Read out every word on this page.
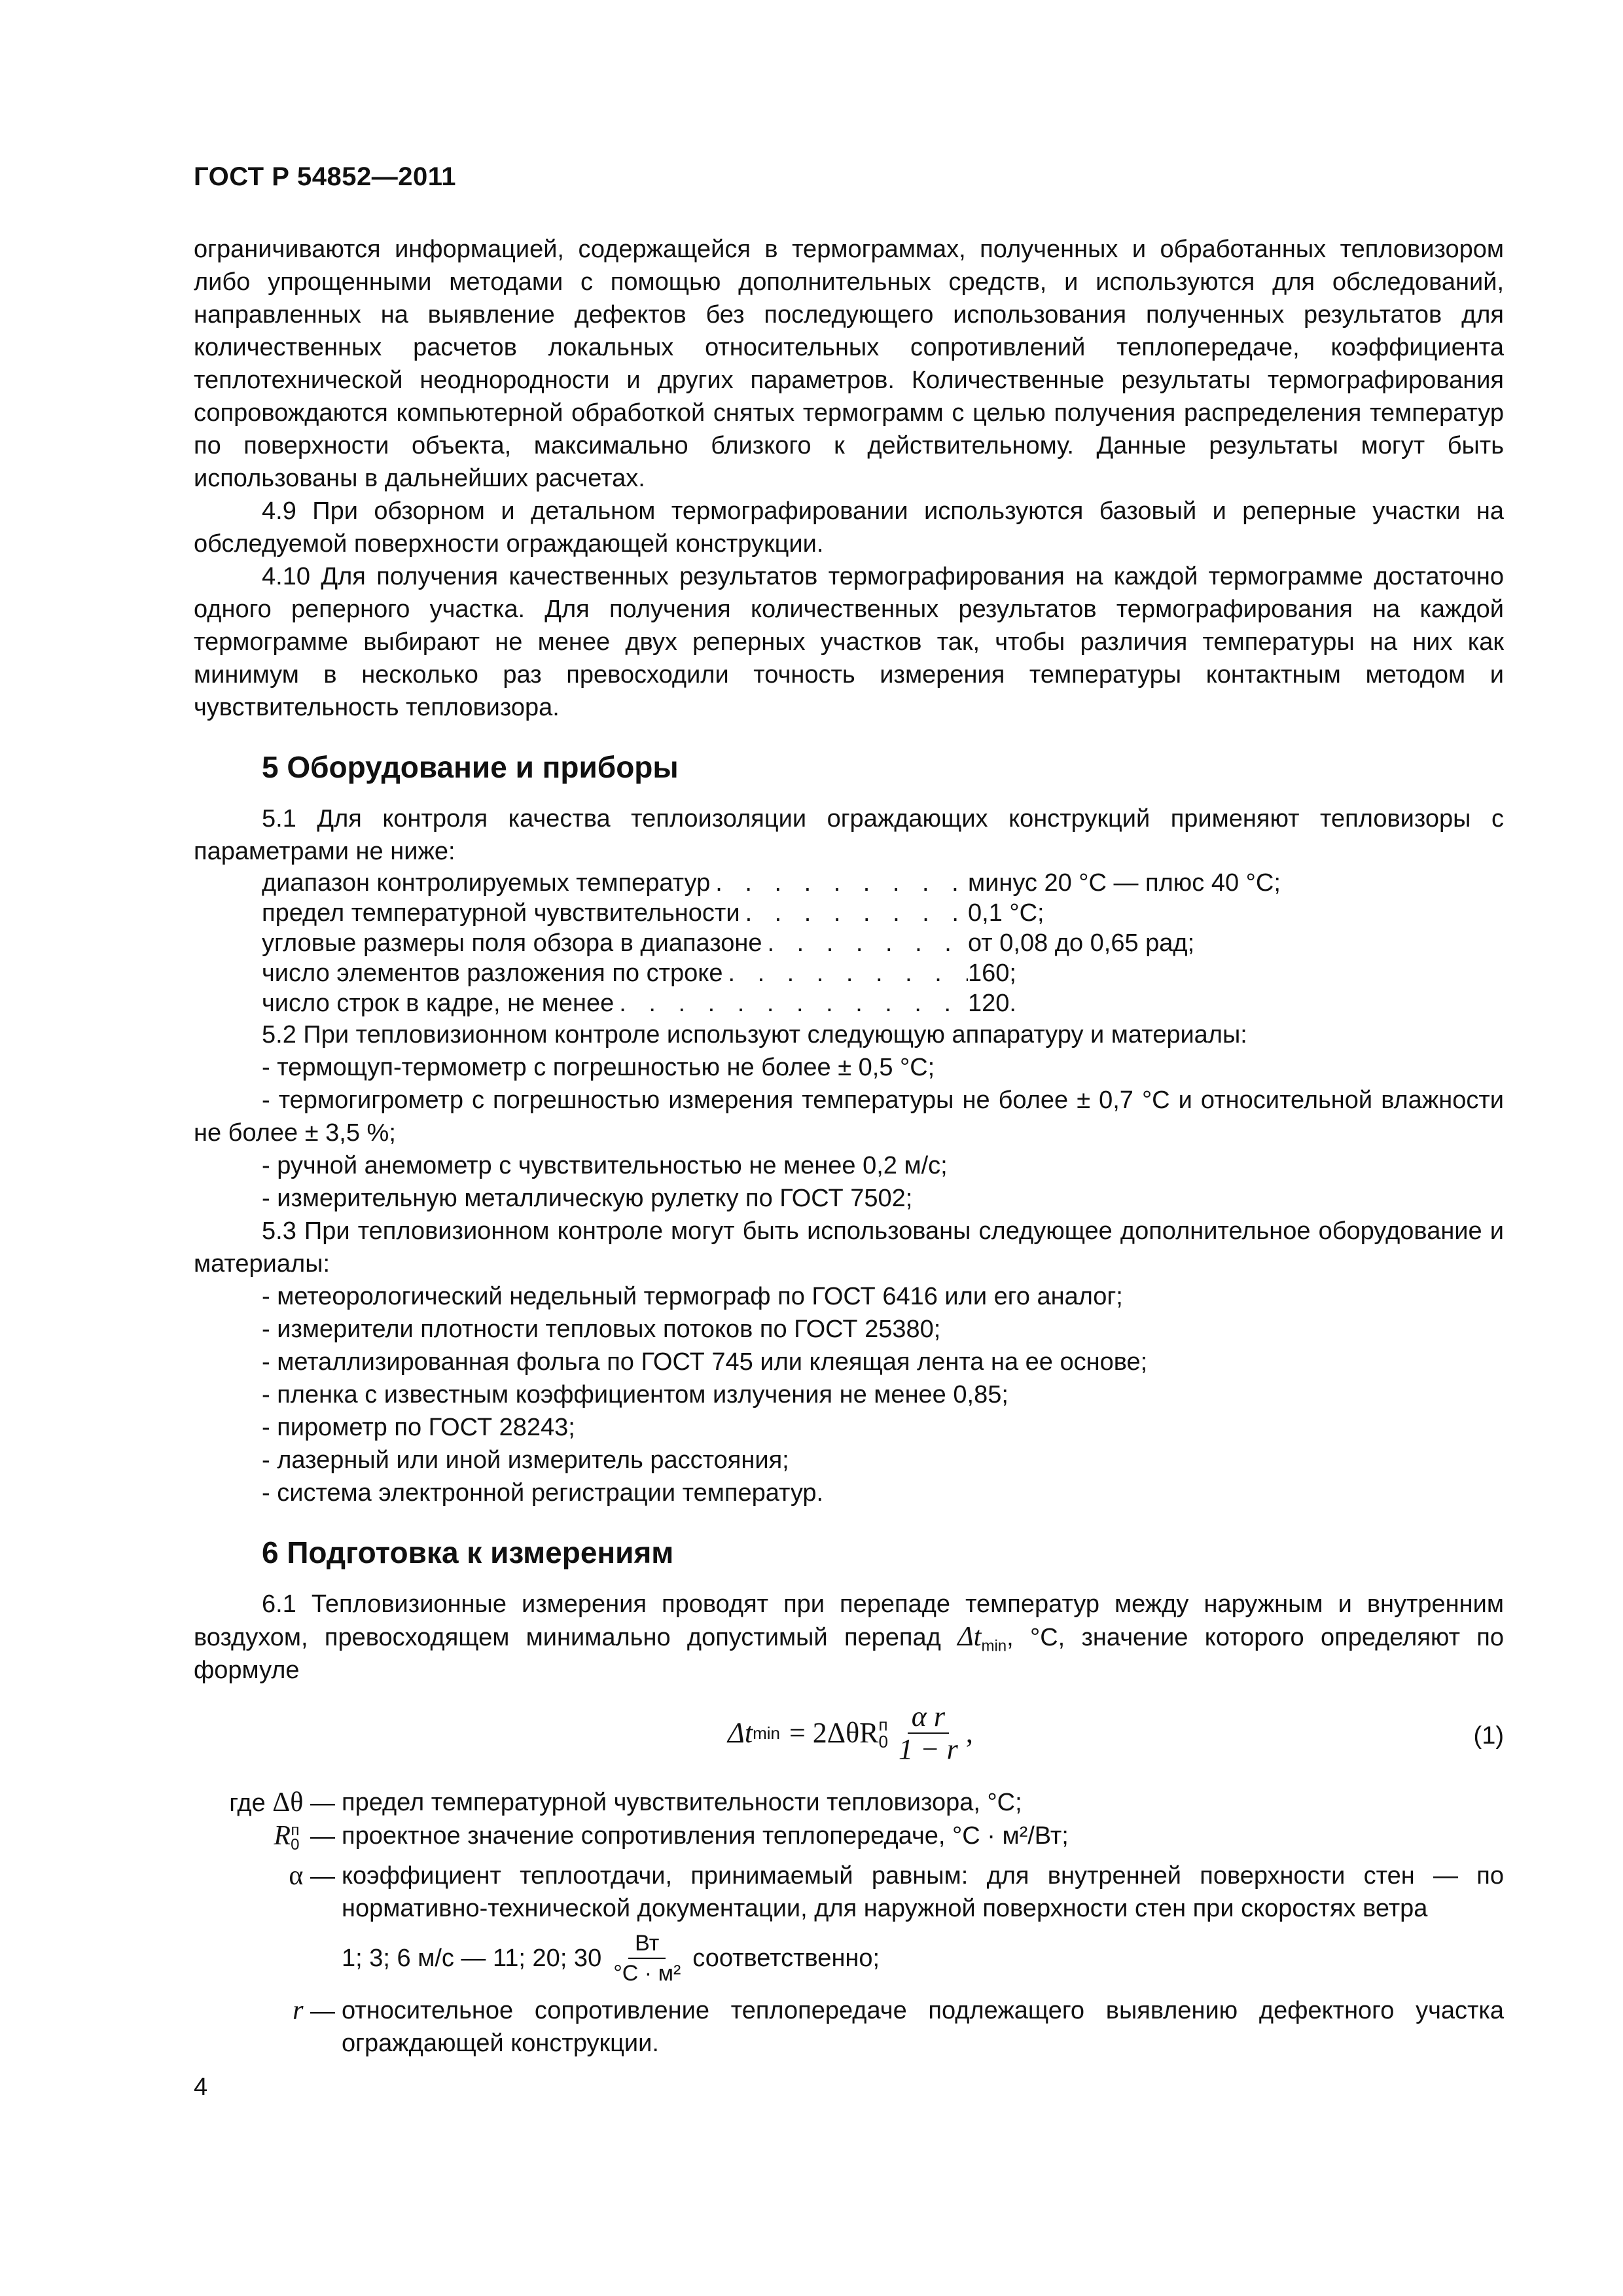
ГОСТ Р 54852—2011

ограничиваются информацией, содержащейся в термограммах, полученных и обработанных тепловизором либо упрощенными методами с помощью дополнительных средств, и используются для обследований, направленных на выявление дефектов без последующего использования полученных результатов для количественных расчетов локальных относительных сопротивлений теплопередаче, коэффициента теплотехнической неоднородности и других параметров. Количественные результаты термографирования сопровождаются компьютерной обработкой снятых термограмм с целью получения распределения температур по поверхности объекта, максимально близкого к действительному. Данные результаты могут быть использованы в дальнейших расчетах.

4.9 При обзорном и детальном термографировании используются базовый и реперные участки на обследуемой поверхности ограждающей конструкции.

4.10 Для получения качественных результатов термографирования на каждой термограмме достаточно одного реперного участка. Для получения количественных результатов термографирования на каждой термограмме выбирают не менее двух реперных участков так, чтобы различия температуры на них как минимум в несколько раз превосходили точность измерения температуры контактным методом и чувствительность тепловизора.

5 Оборудование и приборы

5.1 Для контроля качества теплоизоляции ограждающих конструкций применяют тепловизоры с параметрами не ниже:

диапазон контролируемых температур . . .	минус 20 °С — плюс 40 °С;
предел температурной чувствительности . . .	0,1 °С;
угловые размеры поля обзора в диапазоне . . .	от 0,08 до 0,65 рад;
число элементов разложения по строке . . .	160;
число строк в кадре, не менее . . .	120.

5.2 При тепловизионном контроле используют следующую аппаратуру и материалы:

- термощуп-термометр с погрешностью не более ± 0,5 °С;
- термогигрометр с погрешностью измерения температуры не более ± 0,7 °С и относительной влажности не более ± 3,5 %;
- ручной анемометр с чувствительностью не менее 0,2 м/с;
- измерительную металлическую рулетку по ГОСТ 7502;

5.3 При тепловизионном контроле могут быть использованы следующее дополнительное оборудование и материалы:

- метеорологический недельный термограф по ГОСТ 6416 или его аналог;
- измерители плотности тепловых потоков по ГОСТ 25380;
- металлизированная фольга по ГОСТ 745 или клеящая лента на ее основе;
- пленка с известным коэффициентом излучения не менее 0,85;
- пирометр по ГОСТ 28243;
- лазерный или иной измеритель расстояния;
- система электронной регистрации температур.

6 Подготовка к измерениям

6.1 Тепловизионные измерения проводят при перепаде температур между наружным и внутренним воздухом, превосходящем минимально допустимый перепад $\Delta t_{min}$, °С, значение которого определяют по формуле

Δt min = 2ΔθR п
$0 \frac{\text{α r}}{1 - r}$ ,	(1)
где Δθ — предел температурной чувствительности тепловизора, °С;
R п
0 — проектное значение сопротивления теплопередаче, °С · м²/Вт;
α — коэффициент теплоотдачи, принимаемый равным: для внутренней поверхности стен — по нормативно-технической документации, для наружной поверхности стен при скоростях ветра

1; 3; 6 м/с — 11; 20; $30 \frac{Вт}{\text{°С · м²}}$ соответственно;
r — относительное сопротивление теплопередаче подлежащего выявлению дефектного участка ограждающей конструкции.
4
